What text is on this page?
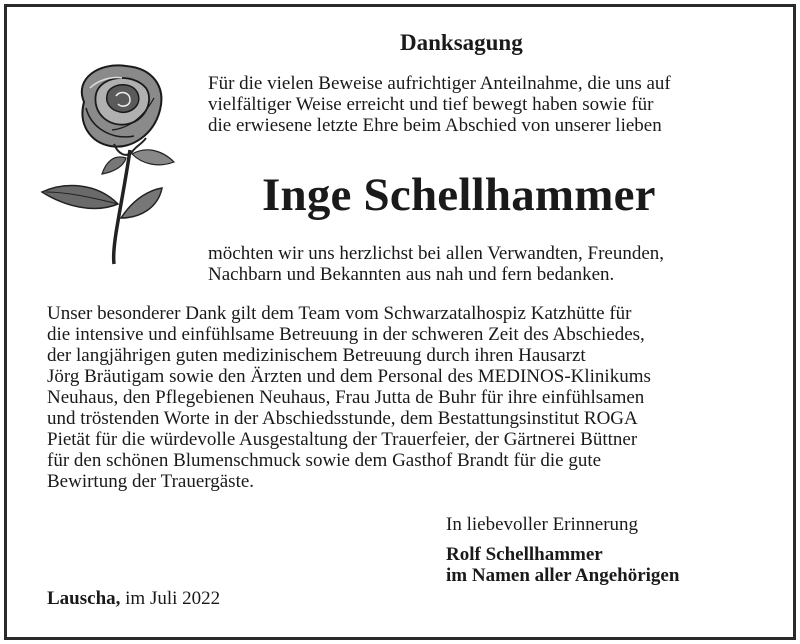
Danksagung

Für die vielen Beweise aufrichtiger Anteilnahme, die uns auf
vielfältiger Weise erreicht und tief bewegt haben sowie für
die erwiesene letzte Ehre beim Abschied von unserer lieben

Inge Schellhammer

möchten wir uns herzlichst bei allen Verwandten, Freunden,
Nachbarn und Bekannten aus nah und fern bedanken.

Unser besonderer Dank gilt dem Team vom Schwarzatalhospiz Katzhütte für
die intensive und einfühlsame Betreuung in der schweren Zeit des Abschiedes,
der langjährigen guten medizinischem Betreuung durch ihren Hausarzt
Jörg Bräutigam sowie den Ärzten und dem Personal des MEDINOS-Klinikums
Neuhaus, den Pflegebienen Neuhaus, Frau Jutta de Buhr für ihre einfühlsamen
und tröstenden Worte in der Abschiedsstunde, dem Bestattungsinstitut ROGA
Pietät für die würdevolle Ausgestaltung der Trauerfeier, der Gärtnerei Büttner
für den schönen Blumenschmuck sowie dem Gasthof Brandt für die gute
Bewirtung der Trauergäste.

In liebevoller Erinnerung
Rolf Schellhammer
im Namen aller Angehörigen
Lauscha, im Juli 2022
